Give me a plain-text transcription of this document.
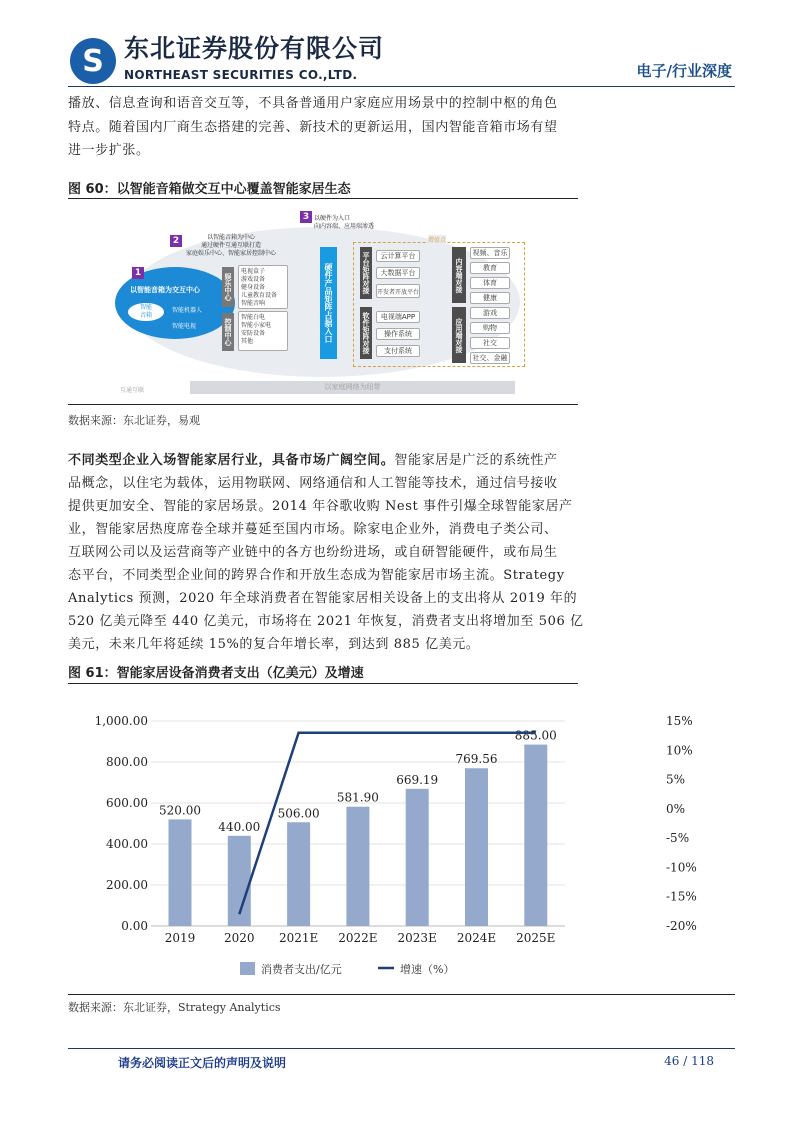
S 东北证券股份有限公司
NORTHEAST SECURITIES CO.,LTD.	电子/行业深度
播放、信息查询和语音交互等，不具备普通用户家庭应用场景中的控制中枢的角色
特点。随着国内厂商生态搭建的完善、新技术的更新运用，国内智能音箱市场有望
进一步扩张。
图 60：以智能音箱做交互中心覆盖智能家居生态
1
2
3
以智能音箱为交互中心
以智能音箱为中心
通过硬件互通互联打造
家庭娱乐中心、智能家居控制中心
以硬件为入口
向内容端、应用端渗透
智能
音箱
智能机器人
智能电视
娱乐中心
电视盒子
游戏设备
健身设备
儿童教育设备
智能音响
控制中心
智能白电
智能小家电
安防设备
其他	硬件产品矩阵占据入口
增值点
平台矩阵对接	云计算平台
大数据平台
开发者开放平台
软件矩阵对接	电视端APP
操作系统
支付系统
内容端对接
视频、音乐
教育
体育
健康
应用端对接
游戏
购物
社交
社交、金融
互通互联	以家庭网络为纽带
数据来源：东北证券，易观
不同类型企业入场智能家居行业，具备市场广阔空间。智能家居是广泛的系统性产
品概念，以住宅为载体，运用物联网、网络通信和人工智能等技术，通过信号接收
提供更加安全、智能的家居场景。2014 年谷歌收购 Nest 事件引爆全球智能家居产
业，智能家居热度席卷全球并蔓延至国内市场。除家电企业外，消费电子类公司、
互联网公司以及运营商等产业链中的各方也纷纷进场，或自研智能硬件，或布局生
态平台，不同类型企业间的跨界合作和开放生态成为智能家居市场主流。Strategy
Analytics 预测，2020 年全球消费者在智能家居相关设备上的支出将从 2019 年的
520 亿美元降至 440 亿美元，市场将在 2021 年恢复，消费者支出将增加至 506 亿
美元，未来几年将延续 15%的复合年增长率，到达到 885 亿美元。
图 61：智能家居设备消费者支出（亿美元）及增速
0.00
200.00
400.00
600.00
800.00
1,000.00
-20%
-15%
-10%
-5%
0%
5%
10%
15%
520.00
2019
440.00
2020
506.00
2021E
581.90
2022E
669.19
2023E
769.56
2024E
885.00
2025E
消费者支出/亿元	增速（%）
数据来源：东北证券，Strategy Analytics
请务必阅读正文后的声明及说明	46 / 118
